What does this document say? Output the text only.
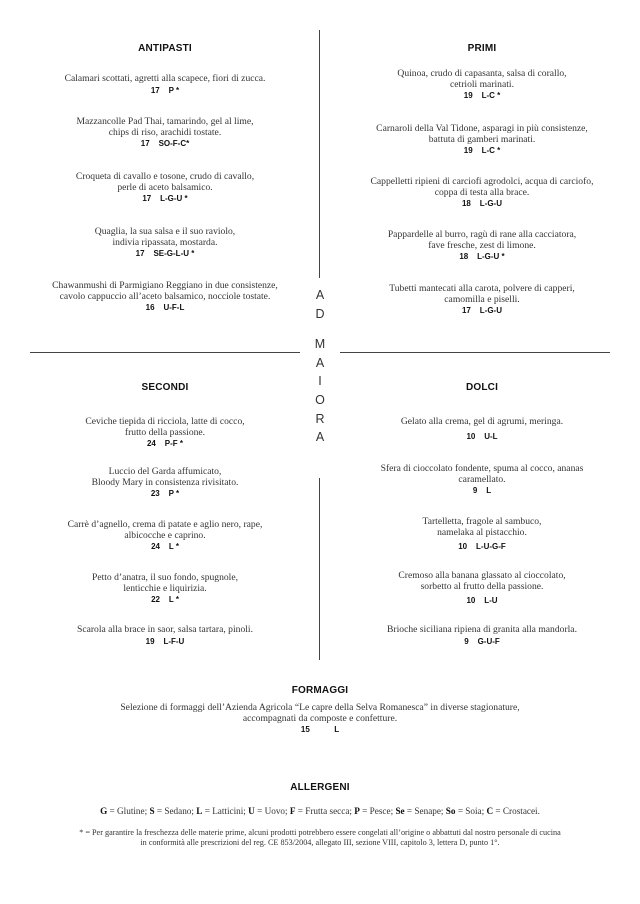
ANTIPASTI	PRIMI
SECONDI	DOLCI
A
D
M
A
I
O
R
A
Calamari scottati, agretti alla scapece, fiori di zucca.
17 P *
Mazzancolle Pad Thai, tamarindo, gel al lime,
chips di riso, arachidi tostate.
17 SO-F-C*
Croqueta di cavallo e tosone, crudo di cavallo,
perle di aceto balsamico.
17 L-G-U *
Quaglia, la sua salsa e il suo raviolo,
indivia ripassata, mostarda.
17 SE-G-L-U *
Chawanmushi di Parmigiano Reggiano in due consistenze,
cavolo cappuccio all’aceto balsamico, nocciole tostate.
16 U-F-L
Quinoa, crudo di capasanta, salsa di corallo,
cetrioli marinati.
19 L-C *
Carnaroli della Val Tidone, asparagi in più consistenze,
battuta di gamberi marinati.
19 L-C *
Cappelletti ripieni di carciofi agrodolci, acqua di carciofo,
coppa di testa alla brace.
18 L-G-U
Pappardelle al burro, ragù di rane alla cacciatora,
fave fresche, zest di limone.
18 L-G-U *
Tubetti mantecati alla carota, polvere di capperi,
camomilla e piselli.
17 L-G-U
Ceviche tiepida di ricciola, latte di cocco,
frutto della passione.
24 P-F *
Luccio del Garda affumicato,
Bloody Mary in consistenza rivisitato.
23 P *
Carrè d’agnello, crema di patate e aglio nero, rape,
albicocche e caprino.
24 L *
Petto d’anatra, il suo fondo, spugnole,
lenticchie e liquirizia.
22 L *
Scarola alla brace in saor, salsa tartara, pinoli.
19 L-F-U
Gelato alla crema, gel di agrumi, meringa.
10 U-L
Sfera di cioccolato fondente, spuma al cocco, ananas
caramellato.
9 L
Tartelletta, fragole al sambuco,
namelaka al pistacchio.
10 L-U-G-F
Cremoso alla banana glassato al cioccolato,
sorbetto al frutto della passione.
10 L-U
Brioche siciliana ripiena di granita alla mandorla.
9 G-U-F
FORMAGGI
Selezione di formaggi dell’Azienda Agricola “Le capre della Selva Romanesca” in diverse stagionature,
accompagnati da composte e confetture.
15	L
ALLERGENI
G = Glutine; S = Sedano; L = Latticini; U = Uovo; F = Frutta secca; P = Pesce; Se = Senape; So = Soia; C = Crostacei.
* = Per garantire la freschezza delle materie prime, alcuni prodotti potrebbero essere congelati all’origine o abbattuti dal nostro personale di cucina
in conformità alle prescrizioni del reg. CE 853/2004, allegato III, sezione VIII, capitolo 3, lettera D, punto 1°.
